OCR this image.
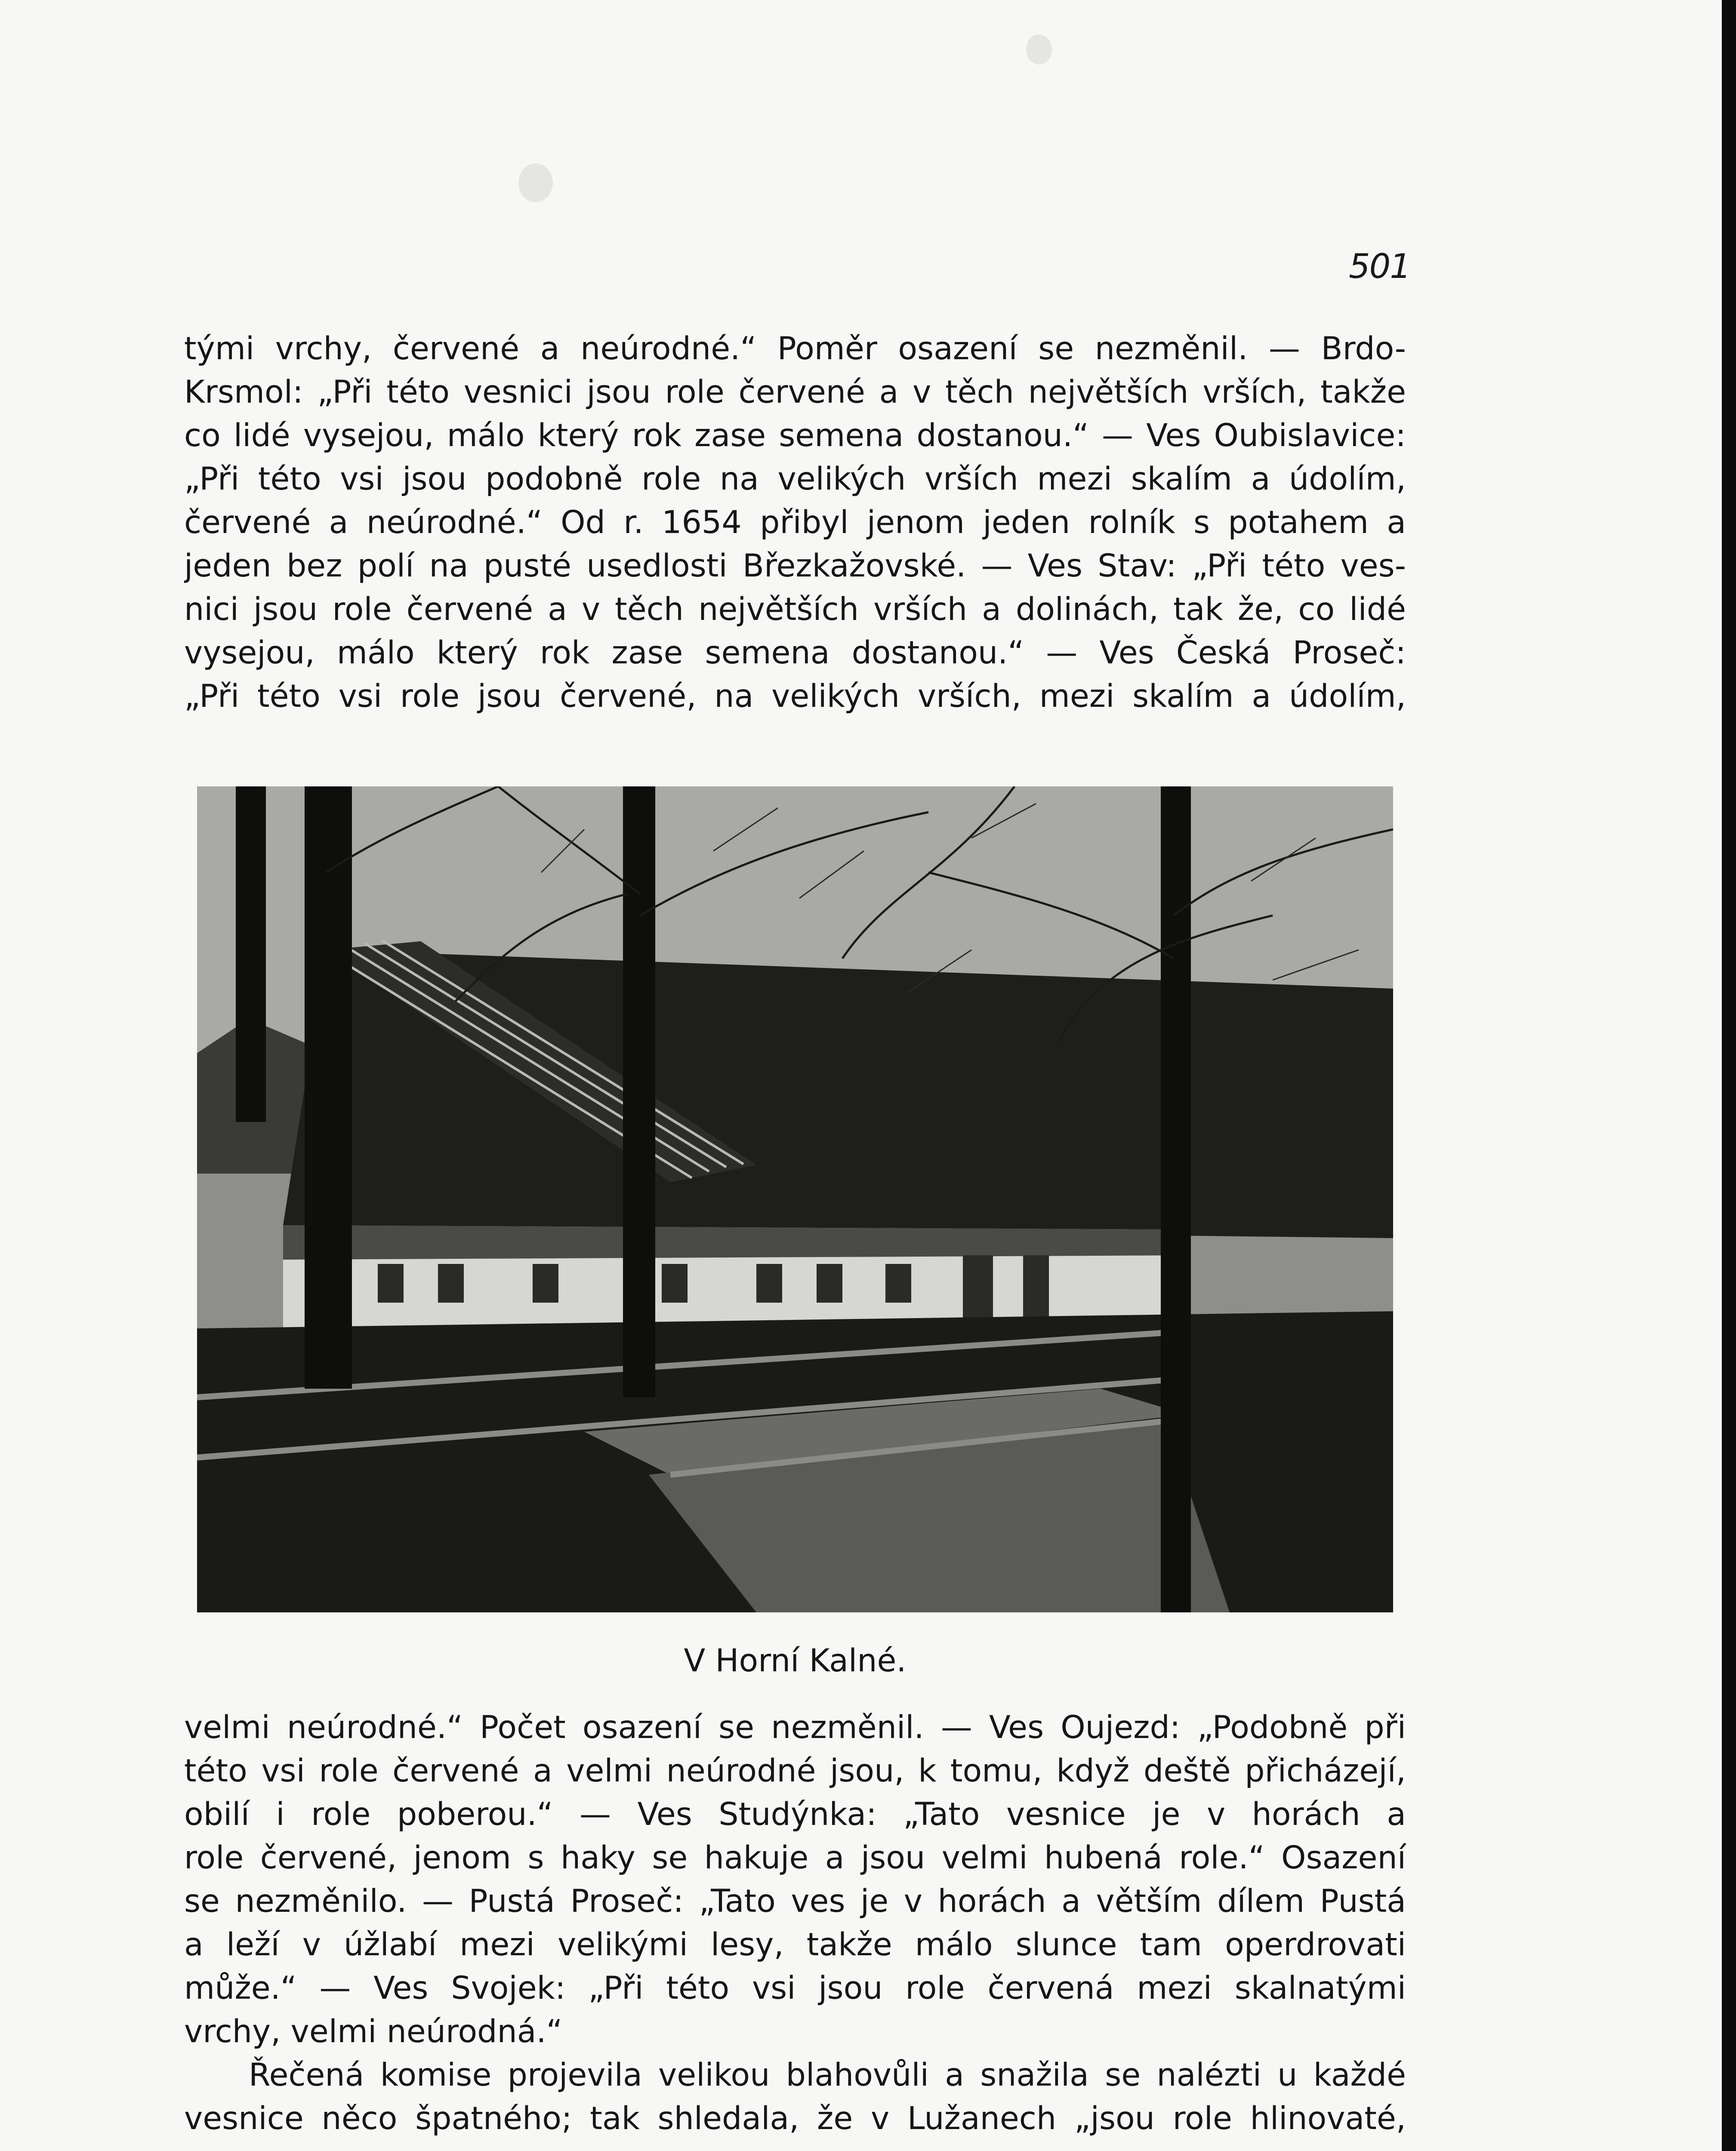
501
tými vrchy, červené a neúrodné.“ Poměr osazení se nezměnil. — Brdo-
Krsmol: „Při této vesnici jsou role červené a v těch největších vrších, takže
co lidé vysejou, málo který rok zase semena dostanou.“ — Ves Oubislavice:
„Při této vsi jsou podobně role na velikých vrších mezi skalím a údolím,
červené a neúrodné.“ Od r. 1654 přibyl jenom jeden rolník s potahem a
jeden bez polí na pusté usedlosti Březkažovské. — Ves Stav: „Při této ves-
nici jsou role červené a v těch největších vrších a dolinách, tak že, co lidé
vysejou, málo který rok zase semena dostanou.“ — Ves Česká Proseč:
„Při této vsi role jsou červené, na velikých vrších, mezi skalím a údolím,
V Horní Kalné.
velmi neúrodné.“ Počet osazení se nezměnil. — Ves Oujezd: „Podobně při
této vsi role červené a velmi neúrodné jsou, k tomu, když deště přicházejí,
obilí i role poberou.“ — Ves Studýnka: „Tato vesnice je v horách a
role červené, jenom s haky se hakuje a jsou velmi hubená role.“ Osazení
se nezměnilo. — Pustá Proseč: „Tato ves je v horách a větším dílem Pustá
a leží v úžlabí mezi velikými lesy, takže málo slunce tam operdrovati
může.“ — Ves Svojek: „Při této vsi jsou role červená mezi skalnatými
vrchy, velmi neúrodná.“
Řečená komise projevila velikou blahovůli a snažila se nalézti u každé
vesnice něco špatného; tak shledala, že v Lužanech „jsou role hlinovaté,
